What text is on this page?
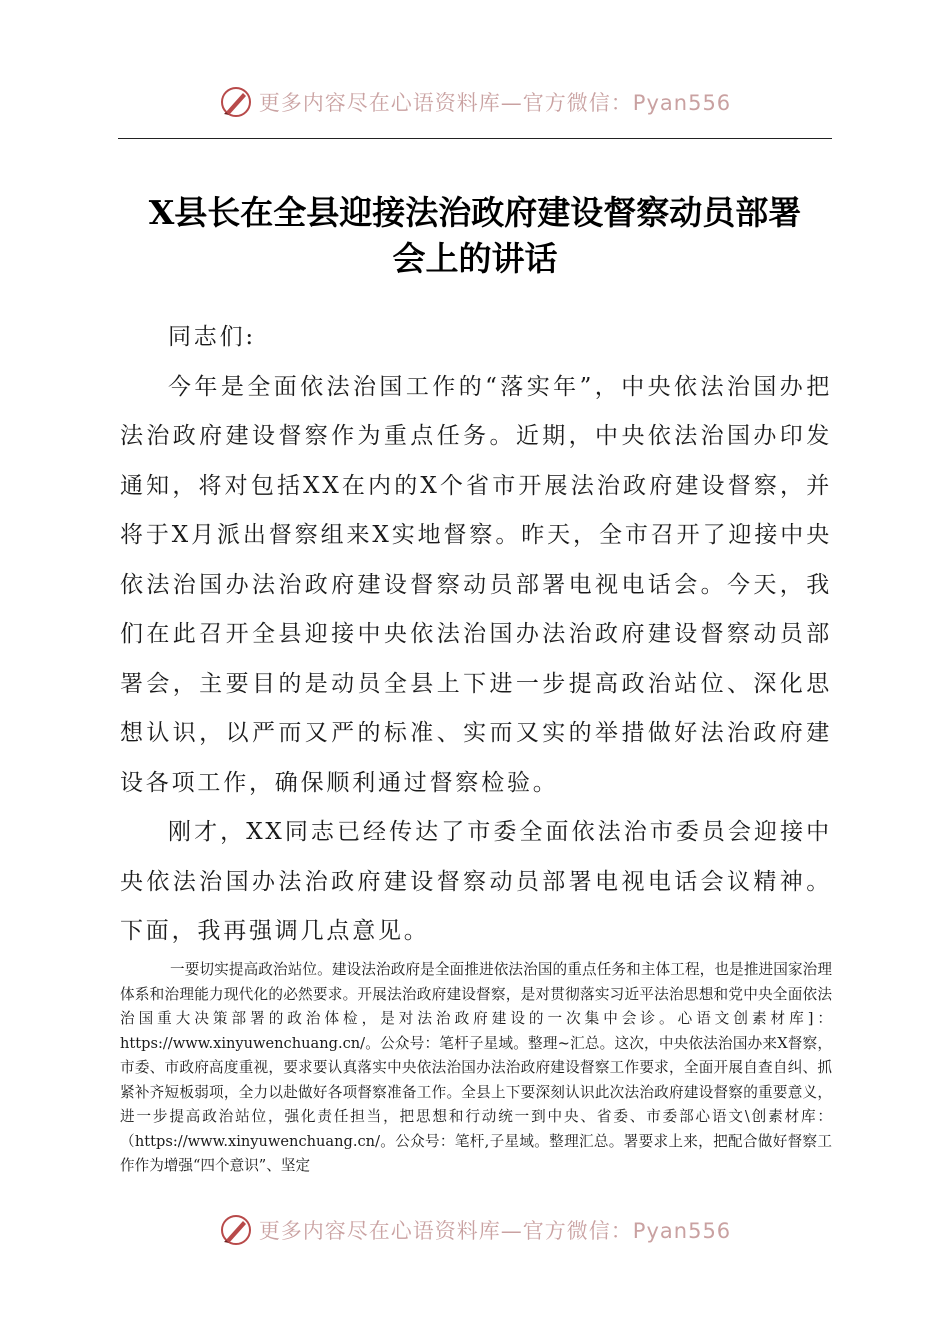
更多内容尽在心语资料库—官方微信：Pyan556
X县长在全县迎接法治政府建设督察动员部署
会上的讲话

同志们:

今年是全面依法治国工作的“落实年”，中央依法治国办把法治政府建设督察作为重点任务。近期，中央依法治国办印发通知，将对包括XX在内的X个省市开展法治政府建设督察，并将于X月派出督察组来X实地督察。昨天，全市召开了迎接中央依法治国办法治政府建设督察动员部署电视电话会。今天，我们在此召开全县迎接中央依法治国办法治政府建设督察动员部署会，主要目的是动员全县上下进一步提高政治站位、深化思想认识，以严而又严的标准、实而又实的举措做好法治政府建设各项工作，确保顺利通过督察检验。

刚才，XX同志已经传达了市委全面依法治市委员会迎接中央依法治国办法治政府建设督察动员部署电视电话会议精神。下面，我再强调几点意见。

一要切实提高政治站位。建设法治政府是全面推进依法治国的重点任务和主体工程，也是推进国家治理体系和治理能力现代化的必然要求。开展法治政府建设督察，是对贯彻落实习近平法治思想和党中央全面依法治国重大决策部署的政治体检，是对法治政府建设的一次集中会诊。心语文创素材库]：https://www.xinyuwenchuang.cn/。公众号：笔杆子星域。整理~汇总。这次，中央依法治国办来X督察，市委、市政府高度重视，要求要认真落实中央依法治国办法治政府建设督察工作要求，全面开展自查自纠、抓紧补齐短板弱项，全力以赴做好各项督察准备工作。全县上下要深刻认识此次法治政府建设督察的重要意义，进一步提高政治站位，强化责任担当，把思想和行动统一到中央、省委、市委部心语文\创素材库：（https://www.xinyuwenchuang.cn/。公众号：笔杆,子星域。整理汇总。署要求上来，把配合做好督察工作作为增强“四个意识”、坚定

更多内容尽在心语资料库—官方微信：Pyan556
